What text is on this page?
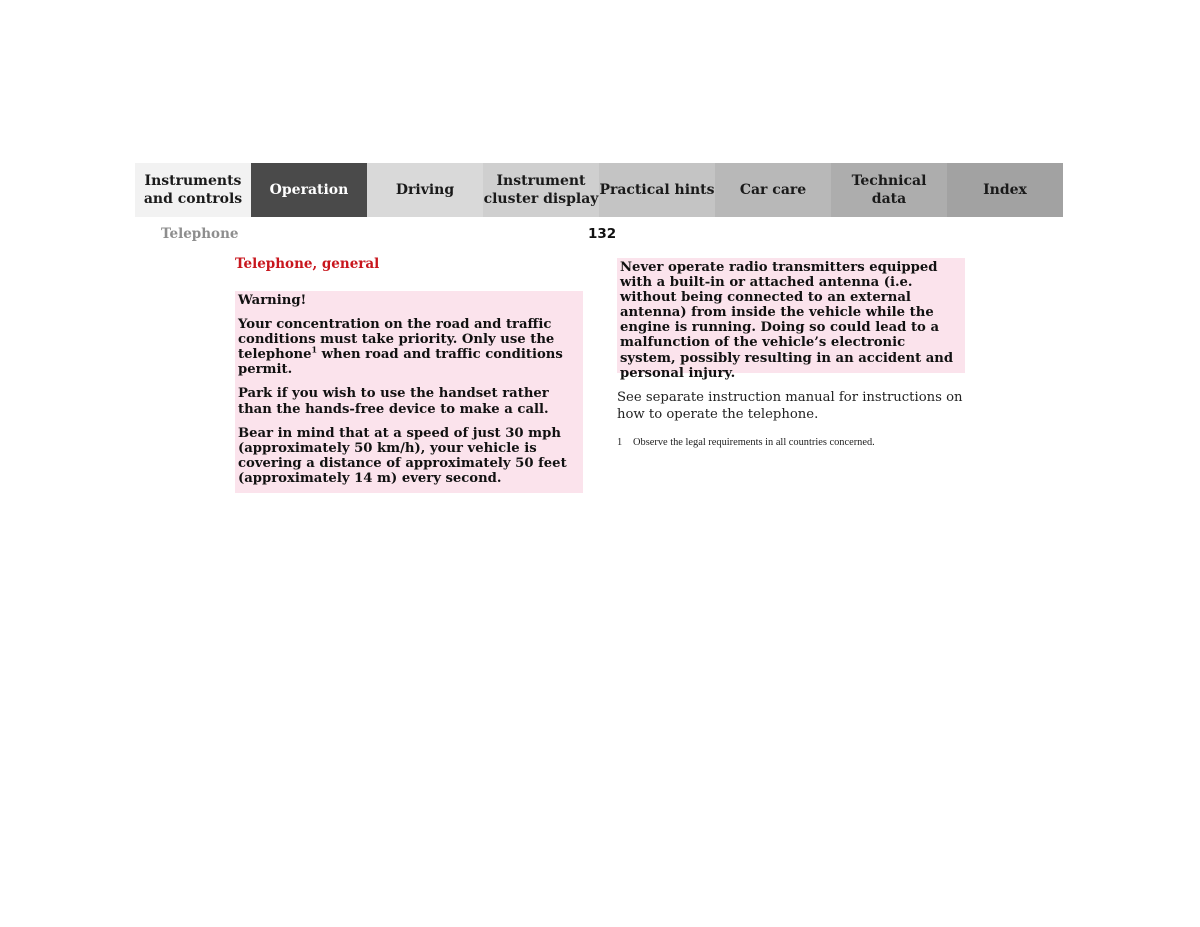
Instruments
and controls
Operation	Driving
Instrument
cluster display
Practical hints	Car care
Technical
data
Index
Telephone	132
Telephone, general

Warning!

Your concentration on the road and traffic conditions must take priority. Only use the telephone$^1$ when road and traffic conditions permit.

Park if you wish to use the handset rather than the hands-free device to make a call.

Bear in mind that at a speed of just 30 mph (approximately 50 km/h), your vehicle is covering a distance of approximately 50 feet (approximately 14 m) every second.

Never operate radio transmitters equipped with a built-in or attached antenna (i.e. without being connected to an external antenna) from inside the vehicle while the engine is running. Doing so could lead to a malfunction of the vehicle’s electronic system, possibly resulting in an accident and personal injury.

See separate instruction manual for instructions on how to operate the telephone.
1 Observe the legal requirements in all countries concerned.
